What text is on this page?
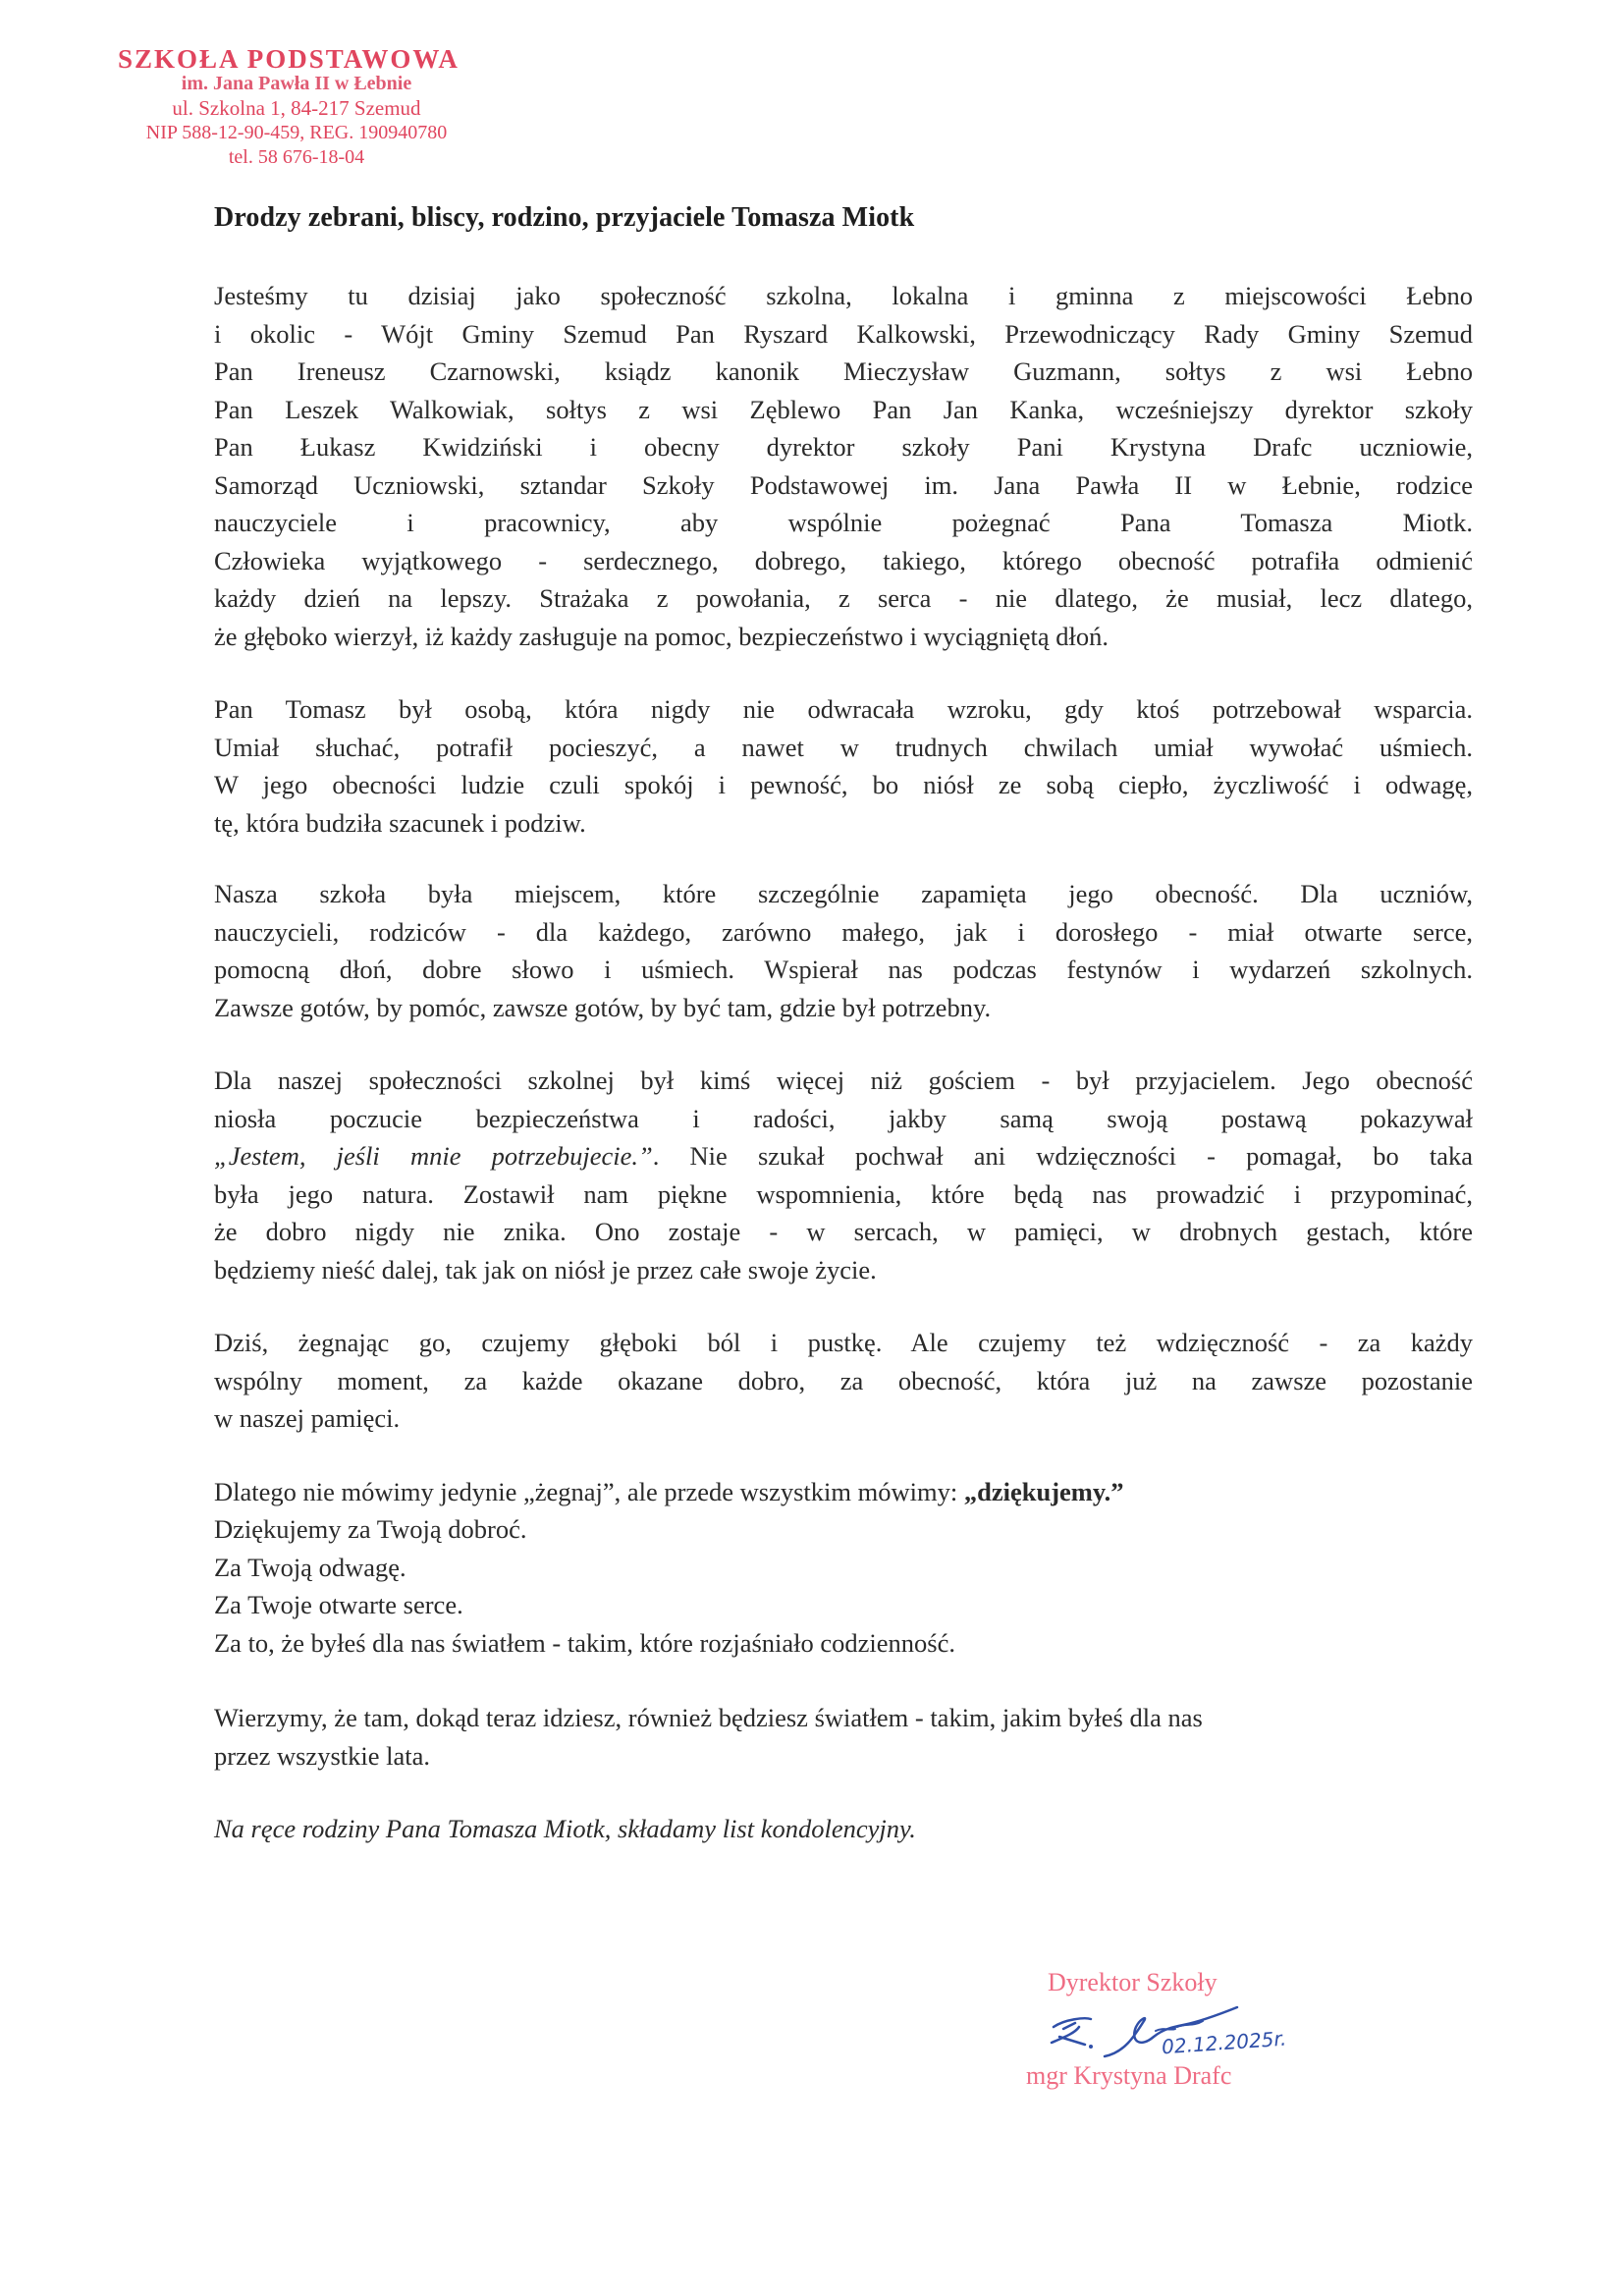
SZKOŁA PODSTAWOWA
im. Jana Pawła II w Łebnie
ul. Szkolna 1, 84-217 Szemud
NIP 588-12-90-459, REG. 190940780
tel. 58 676-18-04
Drodzy zebrani, bliscy, rodzino, przyjaciele Tomasza Miotk

Jesteśmy tu dzisiaj jako społeczność szkolna, lokalna i gminna z miejscowości Łebno
i okolic - Wójt Gminy Szemud Pan Ryszard Kalkowski, Przewodniczący Rady Gminy Szemud
Pan Ireneusz Czarnowski, ksiądz kanonik Mieczysław Guzmann, sołtys z wsi Łebno
Pan Leszek Walkowiak, sołtys z wsi Zęblewo Pan Jan Kanka, wcześniejszy dyrektor szkoły
Pan Łukasz Kwidziński i obecny dyrektor szkoły Pani Krystyna Drafc uczniowie,
Samorząd Uczniowski, sztandar Szkoły Podstawowej im. Jana Pawła II w Łebnie, rodzice
nauczyciele i pracownicy, aby wspólnie pożegnać Pana Tomasza Miotk.
Człowieka wyjątkowego - serdecznego, dobrego, takiego, którego obecność potrafiła odmienić
każdy dzień na lepszy. Strażaka z powołania, z serca - nie dlatego, że musiał, lecz dlatego,
że głęboko wierzył, iż każdy zasługuje na pomoc, bezpieczeństwo i wyciągniętą dłoń.

Pan Tomasz był osobą, która nigdy nie odwracała wzroku, gdy ktoś potrzebował wsparcia.
Umiał słuchać, potrafił pocieszyć, a nawet w trudnych chwilach umiał wywołać uśmiech.
W jego obecności ludzie czuli spokój i pewność, bo niósł ze sobą ciepło, życzliwość i odwagę,
tę, która budziła szacunek i podziw.

Nasza szkoła była miejscem, które szczególnie zapamięta jego obecność. Dla uczniów,
nauczycieli, rodziców - dla każdego, zarówno małego, jak i dorosłego - miał otwarte serce,
pomocną dłoń, dobre słowo i uśmiech. Wspierał nas podczas festynów i wydarzeń szkolnych.
Zawsze gotów, by pomóc, zawsze gotów, by być tam, gdzie był potrzebny.

Dla naszej społeczności szkolnej był kimś więcej niż gościem - był przyjacielem. Jego obecność
niosła poczucie bezpieczeństwa i radości, jakby samą swoją postawą pokazywał
„Jestem, jeśli mnie potrzebujecie.”. Nie szukał pochwał ani wdzięczności - pomagał, bo taka
była jego natura. Zostawił nam piękne wspomnienia, które będą nas prowadzić i przypominać,
że dobro nigdy nie znika. Ono zostaje - w sercach, w pamięci, w drobnych gestach, które
będziemy nieść dalej, tak jak on niósł je przez całe swoje życie.

Dziś, żegnając go, czujemy głęboki ból i pustkę. Ale czujemy też wdzięczność - za każdy
wspólny moment, za każde okazane dobro, za obecność, która już na zawsze pozostanie
w naszej pamięci.

Dlatego nie mówimy jedynie „żegnaj”, ale przede wszystkim mówimy: „dziękujemy.”
Dziękujemy za Twoją dobroć.
Za Twoją odwagę.
Za Twoje otwarte serce.
Za to, że byłeś dla nas światłem - takim, które rozjaśniało codzienność.

Wierzymy, że tam, dokąd teraz idziesz, również będziesz światłem - takim, jakim byłeś dla nas
przez wszystkie lata.

Na ręce rodziny Pana Tomasza Miotk, składamy list kondolencyjny.

Dyrektor Szkoły
02.12.2025r.
mgr Krystyna Drafc
